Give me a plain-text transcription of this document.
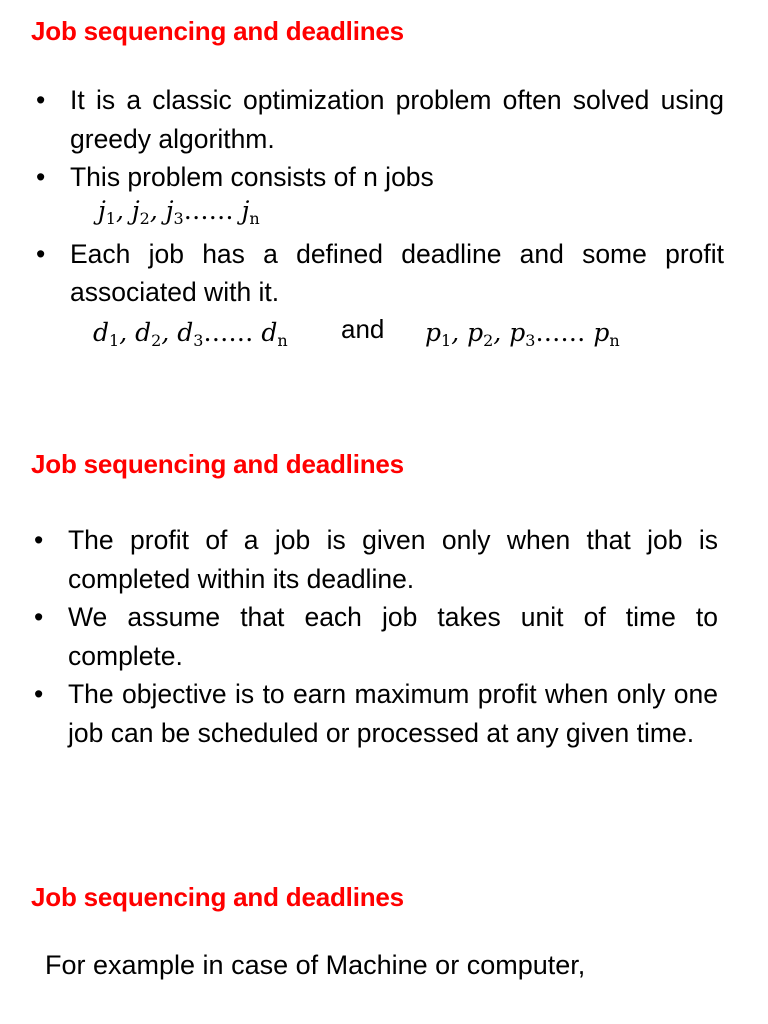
Job sequencing and deadlines
• It is a classic optimization problem often solved using greedy algorithm.
• This problem consists of n jobs
• Each job has a defined deadline and some profit associated with it.
$j_1$, $j_2$, $j_3\dots\dots$ $j_n$
$d_1$, $d_2$, $d_3\dots\dots$ $d_n$ and $p_1$, $p_2$, $p_3\dots\dots$ $p_n$
Job sequencing and deadlines
• The profit of a job is given only when that job is completed within its deadline.
• We assume that each job takes unit of time to complete.
• The objective is to earn maximum profit when only one job can be scheduled or processed at any given time.
Job sequencing and deadlines

For example in case of Machine or computer,
